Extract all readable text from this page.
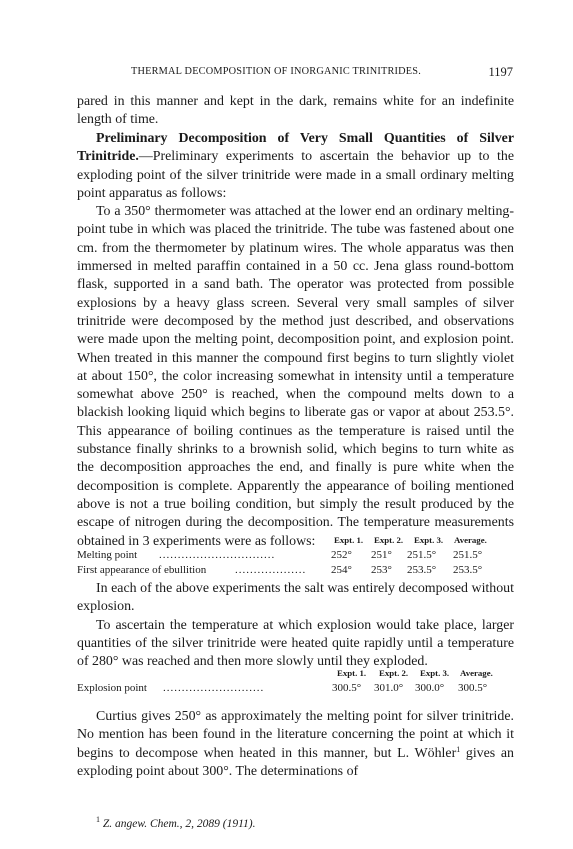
THERMAL DECOMPOSITION OF INORGANIC TRINITRIDES.	1197

pared in this manner and kept in the dark, remains white for an indefinite length of time.

Preliminary Decomposition of Very Small Quantities of Silver Trinitride.—Preliminary experiments to ascertain the behavior up to the exploding point of the silver trinitride were made in a small ordinary melting point apparatus as follows:

To a 350° thermometer was attached at the lower end an ordinary melting-point tube in which was placed the trinitride. The tube was fastened about one cm. from the thermometer by platinum wires. The whole apparatus was then immersed in melted paraffin contained in a 50 cc. Jena glass round-bottom flask, supported in a sand bath. The operator was protected from possible explosions by a heavy glass screen. Several very small samples of silver trinitride were decomposed by the method just described, and observations were made upon the melting point, decomposition point, and explosion point. When treated in this manner the compound first begins to turn slightly violet at about 150°, the color increasing somewhat in intensity until a temperature somewhat above 250° is reached, when the compound melts down to a blackish looking liquid which begins to liberate gas or vapor at about 253.5°. This appearance of boiling continues as the temperature is raised until the substance finally shrinks to a brownish solid, which begins to turn white as the decomposition approaches the end, and finally is pure white when the decomposition is complete. Apparently the appearance of boiling mentioned above is not a true boiling condition, but simply the result produced by the escape of nitrogen during the decomposition. The temperature measurements obtained in 3 experiments were as follows:	Expt. 1. Expt. 2. Expt. 3. Average.
Melting point ...............................	252° 251° 251.5° 251.5°
First appearance of ebullition	................... 254° 253° 253.5° 253.5°

In each of the above experiments the salt was entirely decomposed without explosion.

To ascertain the temperature at which explosion would take place, larger quantities of the silver trinitride were heated quite rapidly until a temperature of 280° was reached and then more slowly until they exploded.

Expt. 1. Expt. 2. Expt. 3. Average.
Explosion point ...........................	300.5° 301.0° 300.0° 300.5°

Curtius gives 250° as approximately the melting point for silver trinitride. No mention has been found in the literature concerning the point at which it begins to decompose when heated in this manner, but L. Wöhler$^1$ gives an exploding point about 300°. The determinations of

$^1$ Z. angew. Chem., 2, 2089 (1911).
